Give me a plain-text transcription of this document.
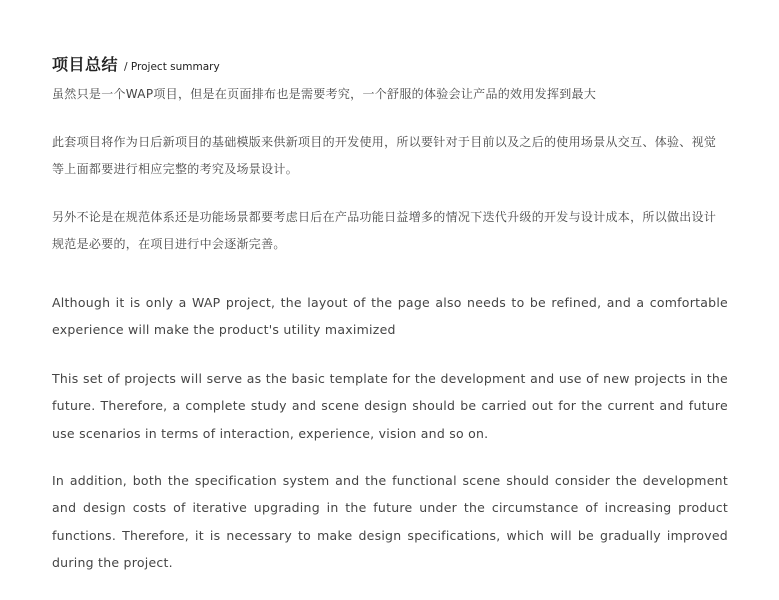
项目总结 / Project summary
虽然只是一个WAP项目，但是在页面排布也是需要考究，一个舒服的体验会让产品的效用发挥到最大
此套项目将作为日后新项目的基础模版来供新项目的开发使用，所以要针对于目前以及之后的使用场景从交互、体验、视觉等上面都要进行相应完整的考究及场景设计。
另外不论是在规范体系还是功能场景都要考虑日后在产品功能日益增多的情况下迭代升级的开发与设计成本，所以做出设计规范是必要的，在项目进行中会逐渐完善。
Although it is only a WAP project, the layout of the page also needs to be refined, and a comfortable experience will make the product's utility maximized
This set of projects will serve as the basic template for the development and use of new projects in the future. Therefore, a complete study and scene design should be carried out for the current and future use scenarios in terms of interaction, experience, vision and so on.
In addition, both the specification system and the functional scene should consider the development and design costs of iterative upgrading in the future under the circumstance of increasing product functions. Therefore, it is necessary to make design specifications, which will be gradually improved during the project.
